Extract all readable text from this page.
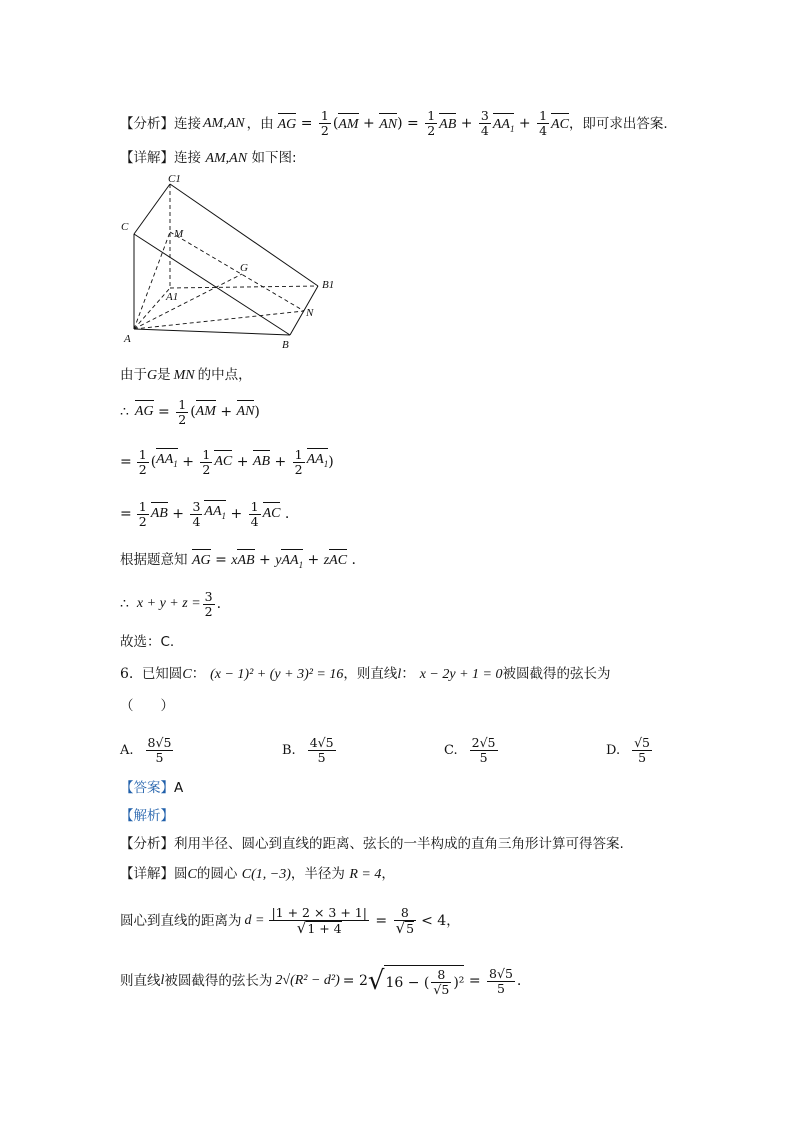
【分析】 连接 AM,AN ，由 AG = $\frac{1}{2} (AM + AN) = \frac{1}{2}$ AB + $\frac{3}{4} AA_1 + \frac{1}{4}$ AC ，即可求出答案.
【详解】连接 AM,AN 如下图:
C1
C
M
G
A1
B1
N
A	B
由于G是 MN 的中点，
∴ AG = $\frac{1}{2}$ ( AM + AN )
= $\frac{1}{2}$ ( $AA_1 + \frac{1}{2}$ AC + AB + $\frac{1}{2} AA_1$ )
= $\frac{1}{2}$ AB + $\frac{3}{4} AA_1 + \frac{1}{4}$ AC .
根据题意知 AG = xAB + yAA$_1$ + zAC .
∴ $x + y + z = \frac{3}{2}$ .
故选：C.
6. 已知圆C： (x − 1)² + (y + 3)² = 16，则直线l： x − 2y + 1 = 0被圆截得的弦长为
（　　）
A. $\frac{8√5}{5}$	B. $\frac{4√5}{5}$	C. $\frac{2√5}{5}$	D. $\frac{√5}{5}$
【答案】A
【解析】
【分析】利用半径、圆心到直线的距离、弦长的一半构成的直角三角形计算可得答案.
【详解】圆C的圆心 C(1, −3)，半径为 R = 4，
圆心到直线的距离为 $d = \frac{|1 + 2 \times 3 + 1|}{√1 + 4} = \frac{8}{√5} < 4$ ，
则直线 l 被圆截得的弦长为 2√(R² − d²) = 2 √ 16 − ( $\frac{8}{√5} )^2 = \frac{8√5}{5}$ .
